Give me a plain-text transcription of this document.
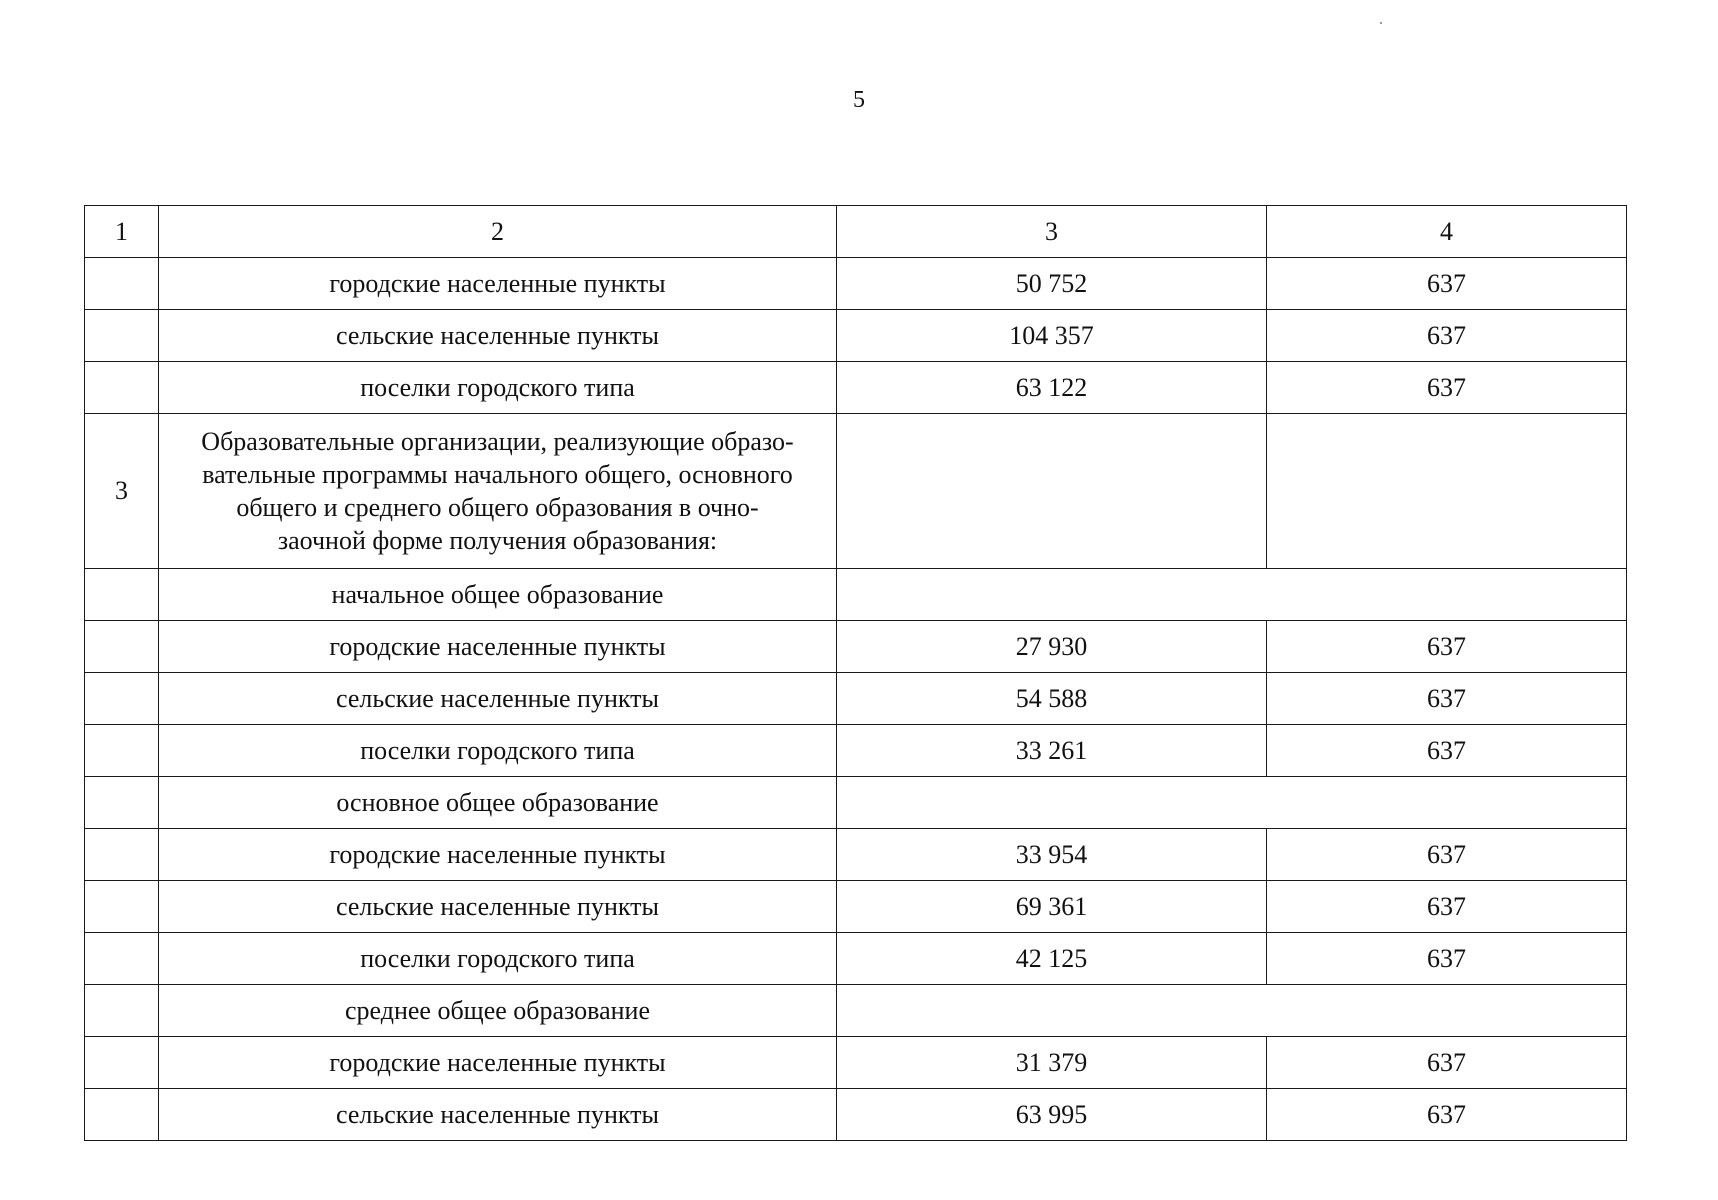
5
1	2	3	4
	городские населенные пункты	50 752	637
	сельские населенные пункты	104 357	637
	поселки городского типа	63 122	637
3	Образовательные организации, реализующие образо-
вательные программы начального общего, основного
общего и среднего общего образования в очно-
заочной форме получения образования:		

	начальное общее образование		
	городские населенные пункты	27 930	637
	сельские населенные пункты	54 588	637
	поселки городского типа	33 261	637
	основное общее образование		
	городские населенные пункты	33 954	637
	сельские населенные пункты	69 361	637
	поселки городского типа	42 125	637
	среднее общее образование		
	городские населенные пункты	31 379	637
	сельские населенные пункты	63 995	637
